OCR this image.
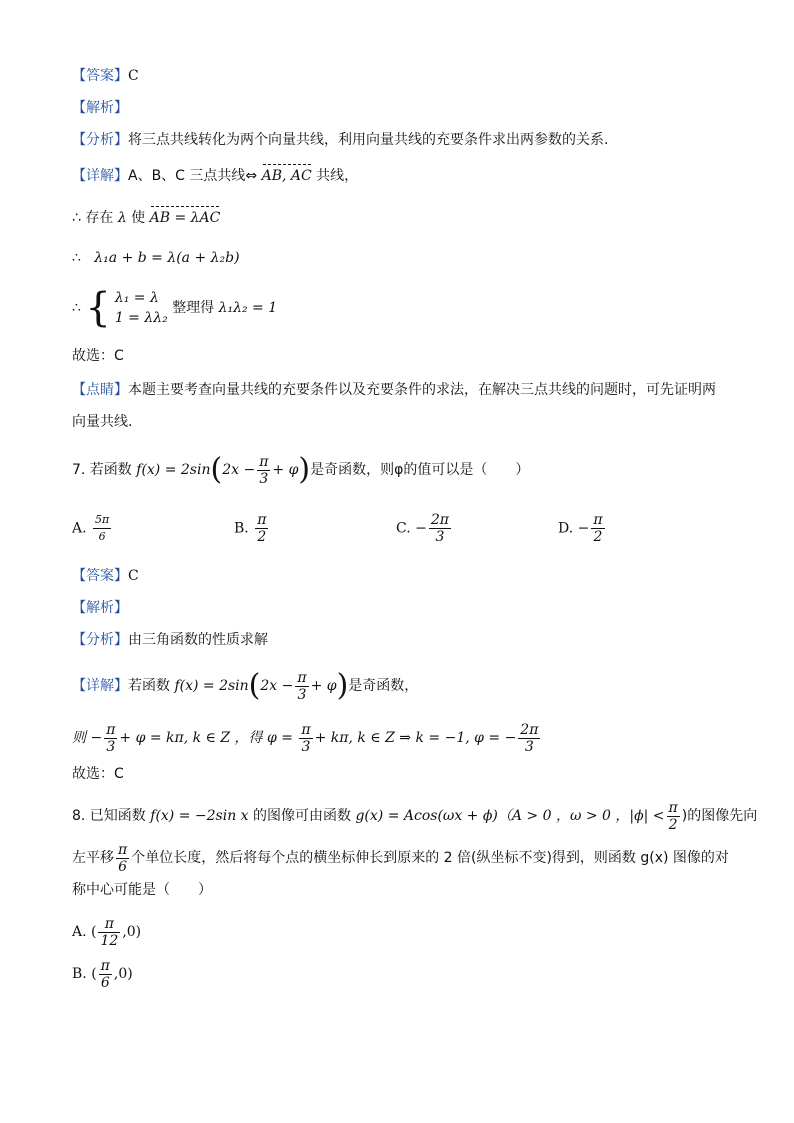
【答案】C
【解析】
【分析】将三点共线转化为两个向量共线，利用向量共线的充要条件求出两参数的关系.
【详解】A、B、C 三点共线⇔ AB, AC 共线，
∴ 存在 λ 使 AB = λAC
∴ λ₁a + b = λ(a + λ₂b)
∴ { λ₁ = λ
1 = λλ₂
整理得 λ₁λ₂ = 1
故选：C
【点睛】本题主要考查向量共线的充要条件以及充要条件的求法，在解决三点共线的问题时，可先证明两
向量共线.
7. 若函数 $f(x) = 2\sin(2x - \frac{\pi}{3} + \varphi)$是奇函数，则φ的值可以是（　　）
A. $\frac{5\pi}{6}$	B. $\frac{\pi}{2}$	C. − $\frac{2\pi}{3}$	D. − $\frac{\pi}{2}$
【答案】C
【解析】
【分析】由三角函数的性质求解
【详解】若函数 $f(x) = 2\sin(2x - \frac{\pi}{3} + \varphi)$是奇函数，
则 − $\frac{\pi}{3} + \varphi = k\pi$, k ∈ Z ，得 $\varphi = \frac{\pi}{3} + k\pi$, k ∈ Z ⇒ k = −1, φ = − $\frac{2\pi}{3}$
故选：C
8. 已知函数 f(x) = −2sin x 的图像可由函数 g(x) = Acos(ωx + ϕ)（A > 0 ，ω > 0 ，$|\phi| < \frac{\pi}{2}$ )的图像先向
左平移 $\frac{\pi}{6}$ 个单位长度，然后将每个点的横坐标伸长到原来的 2 倍(纵坐标不变)得到，则函数 g(x) 图像的对
称中心可能是（　　）
A. ( $\frac{\pi}{12} ,0$)
B. ( $\frac{\pi}{6} ,0$)
